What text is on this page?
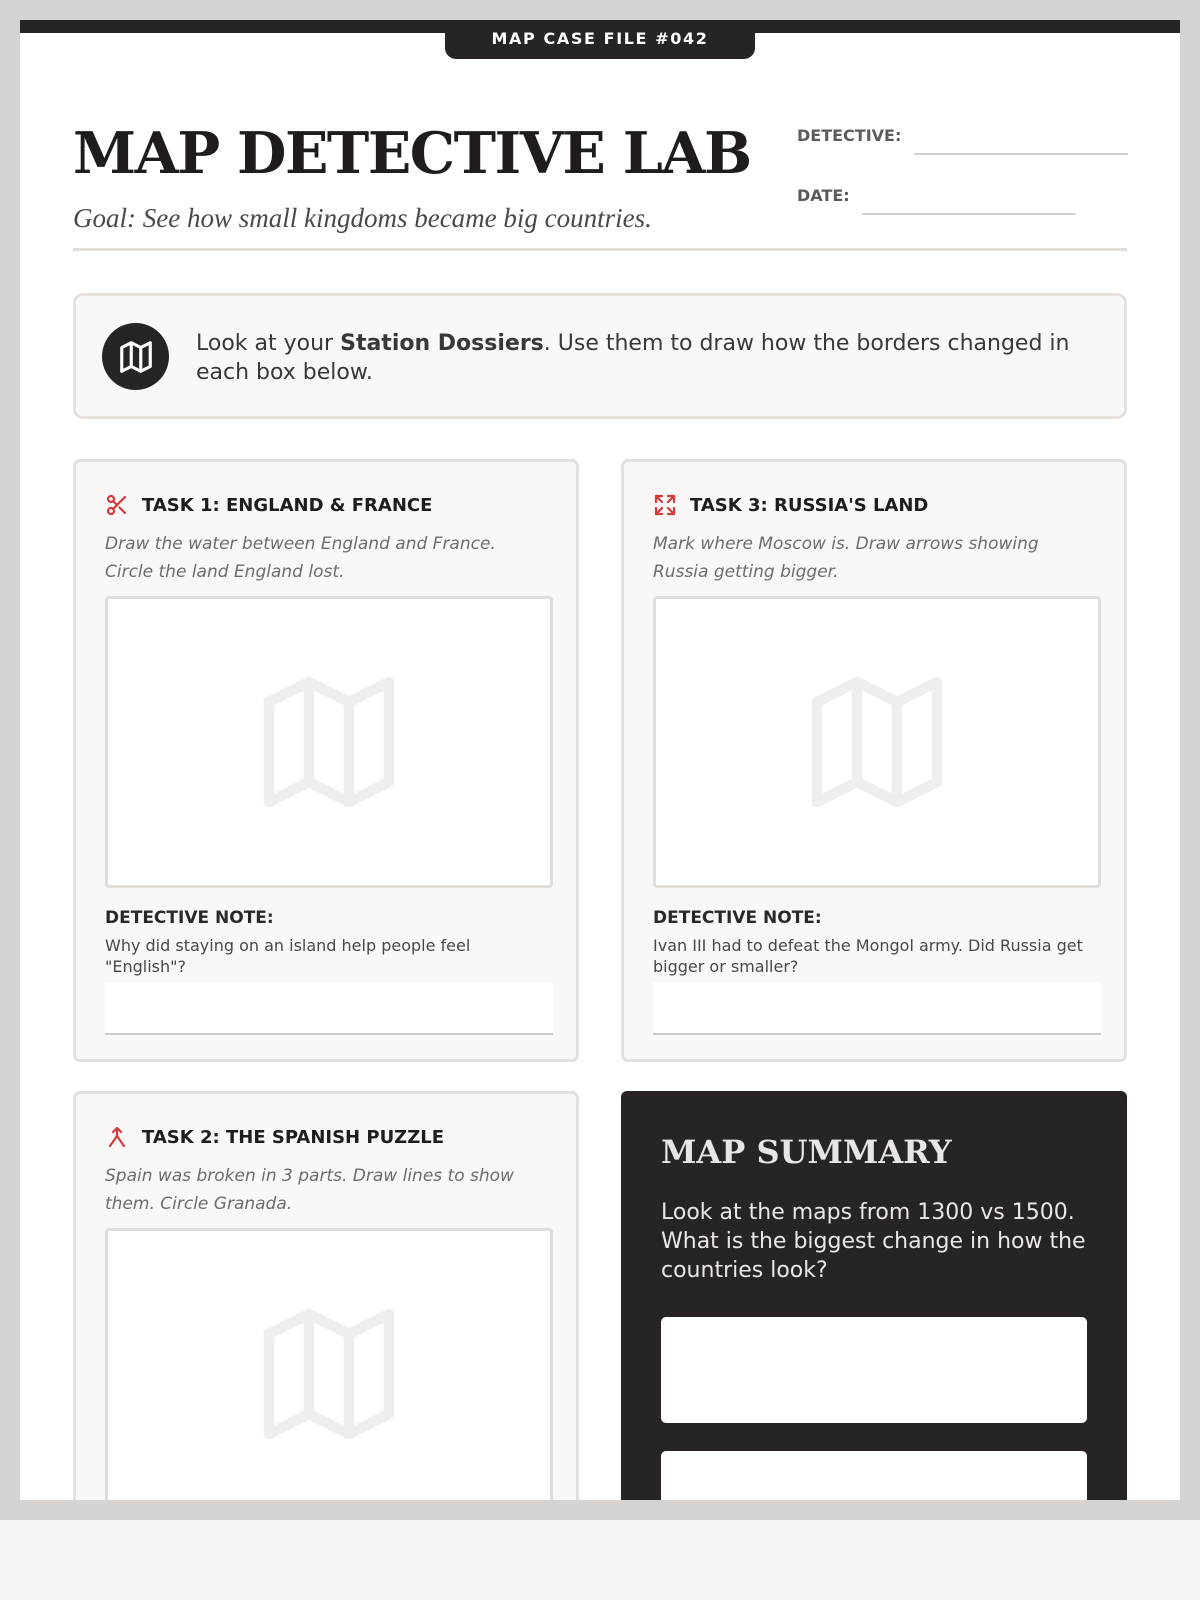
MAP CASE FILE #042
MAP DETECTIVE LAB
Goal: See how small kingdoms became big countries.
DETECTIVE:
DATE:
Look at your Station Dossiers. Use them to draw how the borders changed in each box below.
TASK 1: ENGLAND & FRANCE
Draw the water between England and France. Circle the land England lost.
DETECTIVE NOTE:
Why did staying on an island help people feel "English"?
TASK 3: RUSSIA'S LAND
Mark where Moscow is. Draw arrows showing Russia getting bigger.
DETECTIVE NOTE:
Ivan III had to defeat the Mongol army. Did Russia get bigger or smaller?
TASK 2: THE SPANISH PUZZLE
Spain was broken in 3 parts. Draw lines to show them. Circle Granada.
MAP SUMMARY
Look at the maps from 1300 vs 1500. What is the biggest change in how the countries look?
